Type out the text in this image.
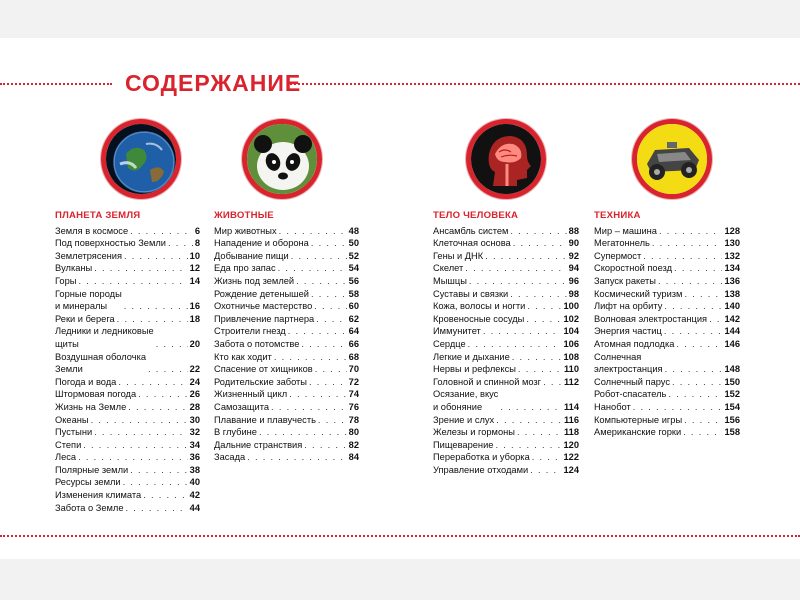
СОДЕРЖАНИЕ
ПЛАНЕТА ЗЕМЛЯ
Земля в космосе . . .	6
Под поверхностью Земли . . .	8
Землетрясения . . .	10
Вулканы . . .	12
Горы . . .	14
Горные породы
и минералы . . .	16
Реки и берега . . .	18
Ледники и ледниковые
щиты . . .	20
Воздушная оболочка
Земли . . .	22
Погода и вода . . .	24
Штормовая погода . . .	26
Жизнь на Земле . . .	28
Океаны . . .	30
Пустыни . . .	32
Степи . . .	34
Леса . . .	36
Полярные земли . . .	38
Ресурсы земли . . .	40
Изменения климата . . .	42
Забота о Земле . . .	44
ЖИВОТНЫЕ
Мир животных . . .	48
Нападение и оборона . . .	50
Добывание пищи . . .	52
Еда про запас . . .	54
Жизнь под землей . . .	56
Рождение детенышей . . .	58
Охотничье мастерство . . .	60
Привлечение партнера . . .	62
Строители гнезд . . .	64
Забота о потомстве . . .	66
Кто как ходит . . .	68
Спасение от хищников . . .	70
Родительские заботы . . .	72
Жизненный цикл . . .	74
Самозащита . . .	76
Плавание и плавучесть . . .	78
В глубине . . .	80
Дальние странствия . . .	82
Засада . . .	84
ТЕЛО ЧЕЛОВЕКА
Ансамбль систем . . .	88
Клеточная основа . . .	90
Гены и ДНК . . .	92
Скелет . . .	94
Мышцы . . .	96
Суставы и связки . . .	98
Кожа, волосы и ногти . . .	100
Кровеносные сосуды . . .	102
Иммунитет . . .	104
Сердце . . .	106
Легкие и дыхание . . .	108
Нервы и рефлексы . . .	110
Головной и спинной мозг . . . 112
Осязание, вкус
и обоняние . . .	114
Зрение и слух . . .	116
Железы и гормоны . . .	118
Пищеварение . . .	120
Переработка и уборка . . .	122
Управление отходами . . .	124
ТЕХНИКА
Мир – машина . . .	128
Мегатоннель . . .	130
Супермост . . .	132
Скоростной поезд . . .	134
Запуск ракеты . . .	136
Космический туризм . . .	138
Лифт на орбиту . . .	140
Волновая электростанция . . . 142
Энергия частиц . . .	144
Атомная подлодка . . .	146
Солнечная
электростанция . . .	148
Солнечный парус . . .	150
Робот-спасатель . . .	152
Нанобот . . .	154
Компьютерные игры . . .	156
Американские горки . . .	158
